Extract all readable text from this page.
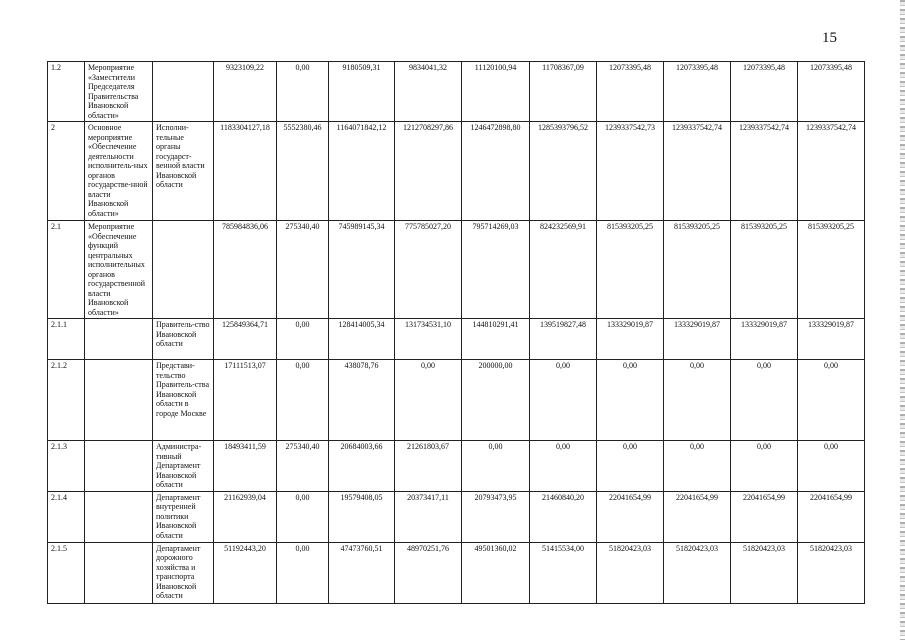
15
1.2	Мероприятие «Заместители Председателя Правительства Ивановской области»		9323109,22	0,00	9180509,31	9834041,32	11120100,94	11708367,09	12073395,48	12073395,48	12073395,48	12073395,48
2	Основное мероприятие «Обеспечение деятельности исполнитель-ных органов государстве-нной власти Ивановской области»	Исполни-тельные органы государст-венной власти Ивановской области	1183304127,18	5552380,46	1164071842,12	1212708297,86	1246472898,80	1285393796,52	1239337542,73	1239337542,74	1239337542,74	1239337542,74
2.1	Мероприятие «Обеспечение функций центральных исполнительных органов государственной власти Ивановской области»		785984836,06	275340,40	745989145,34	775785027,20	795714269,03	824232569,91	815393205,25	815393205,25	815393205,25	815393205,25
2.1.1		Правитель-ство Ивановской области	125849364,71	0,00	128414005,34	131734531,10	144810291,41	139519827,48	133329019,87	133329019,87	133329019,87	133329019,87
2.1.2		Представи-тельство Правитель-ства Ивановской области в городе Москве	17111513,07	0,00	438078,76	0,00	200000,00	0,00	0,00	0,00	0,00	0,00
2.1.3		Администра-тивный Департамент Ивановской области	18493411,59	275340,40	20684003,66	21261803,67	0,00	0,00	0,00	0,00	0,00	0,00
2.1.4		Департамент внутренней политики Ивановской области	21162939,04	0,00	19579408,05	20373417,11	20793473,95	21460840,20	22041654,99	22041654,99	22041654,99	22041654,99
2.1.5		Департамент дорожного хозяйства и транспорта Ивановской области	51192443,20	0,00	47473760,51	48970251,76	49501360,02	51415534,00	51820423,03	51820423,03	51820423,03	51820423,03
